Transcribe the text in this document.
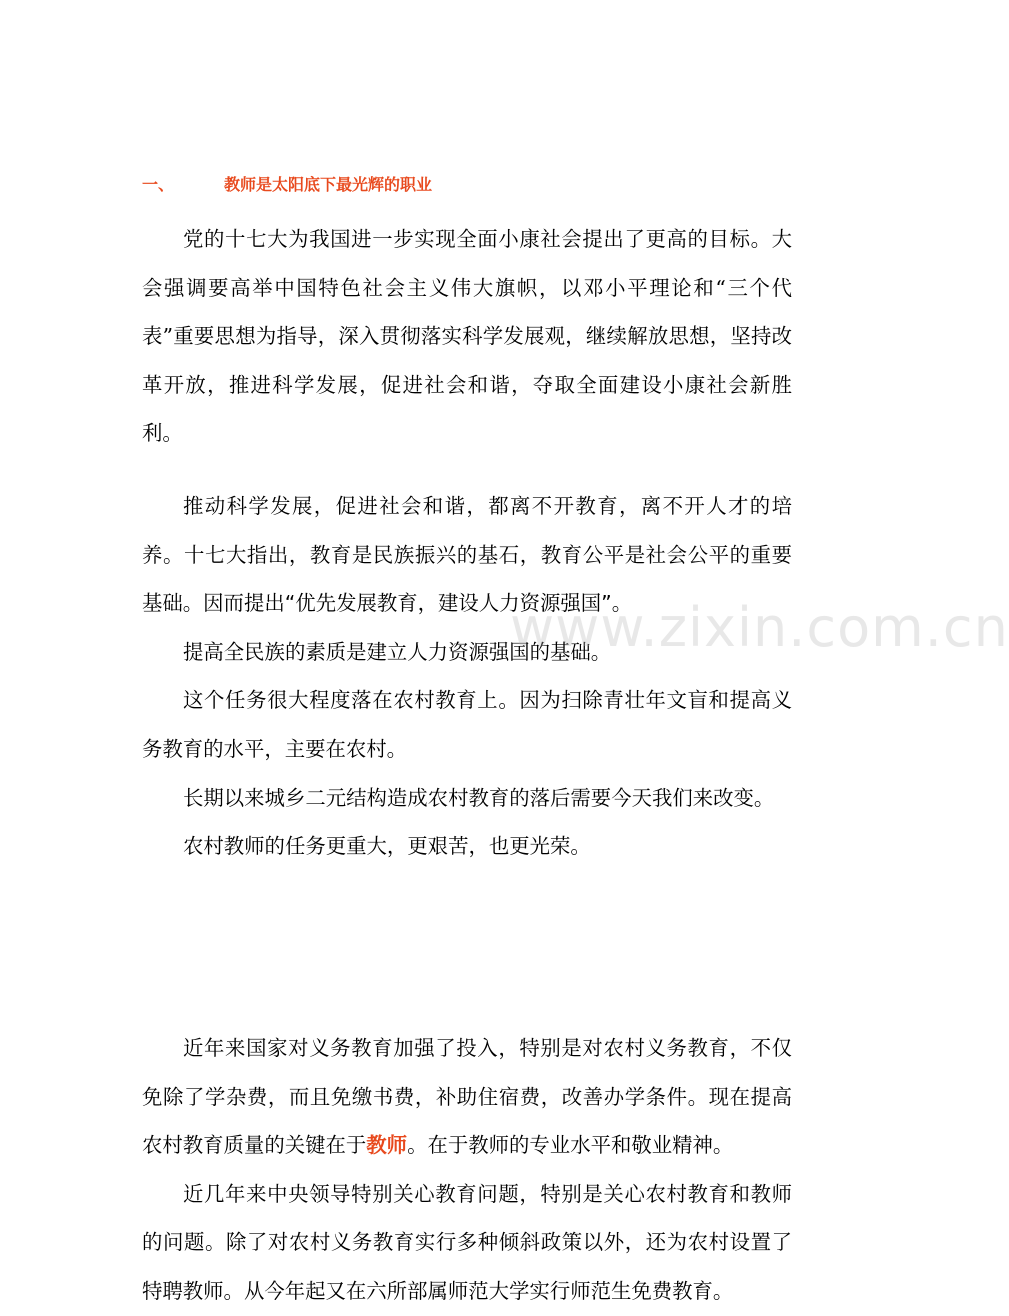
一、	教师是太阳底下最光辉的职业

党的十七大为我国进一步实现全面小康社会提出了更高的目标。大会强调要高举中国特色社会主义伟大旗帜，以邓小平理论和“三个代表”重要思想为指导，深入贯彻落实科学发展观，继续解放思想，坚持改革开放，推进科学发展，促进社会和谐，夺取全面建设小康社会新胜利。

推动科学发展，促进社会和谐，都离不开教育，离不开人才的培养。十七大指出，教育是民族振兴的基石，教育公平是社会公平的重要基础。因而提出“优先发展教育，建设人力资源强国”。

提高全民族的素质是建立人力资源强国的基础。

这个任务很大程度落在农村教育上。因为扫除青壮年文盲和提高义务教育的水平，主要在农村。

长期以来城乡二元结构造成农村教育的落后需要今天我们来改变。

农村教师的任务更重大，更艰苦，也更光荣。

近年来国家对义务教育加强了投入，特别是对农村义务教育，不仅免除了学杂费，而且免缴书费，补助住宿费，改善办学条件。现在提高农村教育质量的关键在于教师。在于教师的专业水平和敬业精神。

近几年来中央领导特别关心教育问题，特别是关心农村教育和教师的问题。除了对农村义务教育实行多种倾斜政策以外，还为农村设置了特聘教师。从今年起又在六所部属师范大学实行师范生免费教育。

www.zixin.com.cn
